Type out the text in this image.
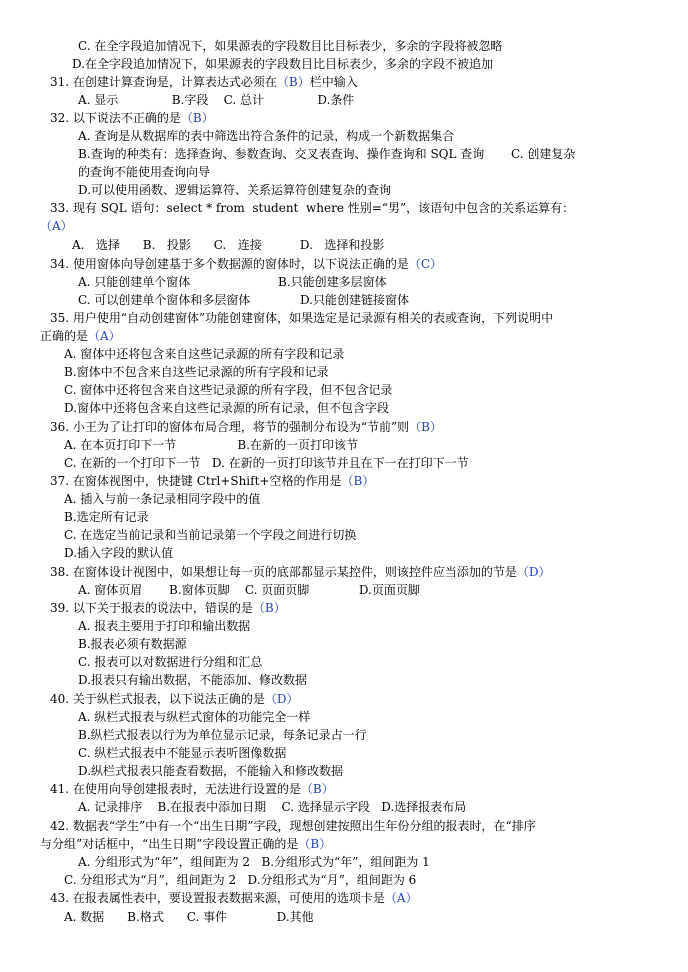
C. 在全字段追加情况下，如果源表的字段数目比目标表少，多余的字段将被忽略
D.在全字段追加情况下，如果源表的字段数目比目标表少，多余的字段不被追加
31. 在创建计算查询是，计算表达式必须在（B）栏中输入
A. 显示              B.字段    C. 总计              D.条件
32. 以下说法不正确的是（B）
A. 查询是从数据库的表中筛选出符合条件的记录，构成一个新数据集合
B.查询的种类有：选择查询、参数查询、交叉表查询、操作查询和 SQL 查询       C. 创建复杂
的查询不能使用查询向导
D.可以使用函数、逻辑运算符、关系运算符创建复杂的查询
33. 现有 SQL 语句：select * from  student  where 性别=“男”，该语句中包含的关系运算有：
（A）
A.   选择      B.   投影      C.   连接          D.   选择和投影
34. 使用窗体向导创建基于多个数据源的窗体时，以下说法正确的是（C）
A. 只能创建单个窗体                       B.只能创建多层窗体
C. 可以创建单个窗体和多层窗体             D.只能创建链接窗体
35. 用户使用“自动创建窗体”功能创建窗体，如果选定是记录源有相关的表或查询，下列说明中
正确的是（A）
A. 窗体中还将包含来自这些记录源的所有字段和记录
B.窗体中不包含来自这些记录源的所有字段和记录
C. 窗体中还将包含来自这些记录源的所有字段，但不包含记录
D.窗体中还将包含来自这些记录源的所有记录，但不包含字段
36. 小王为了让打印的窗体布局合理，将节的强制分布设为“节前”则（B）
A. 在本页打印下一节                B.在新的一页打印该节
C. 在新的一个打印下一节   D. 在新的一页打印该节并且在下一在打印下一节
37. 在窗体视图中，快捷键 Ctrl+Shift+空格的作用是（B）
A. 插入与前一条记录相同字段中的值
B.选定所有记录
C. 在选定当前记录和当前记录第一个字段之间进行切换
D.插入字段的默认值
38. 在窗体设计视图中，如果想让每一页的底部都显示某控件，则该控件应当添加的节是（D）
A. 窗体页眉       B.窗体页脚    C. 页面页脚             D.页面页脚
39. 以下关于报表的说法中，错误的是（B）
A. 报表主要用于打印和输出数据
B.报表必须有数据源
C. 报表可以对数据进行分组和汇总
D.报表只有输出数据，不能添加、修改数据
40. 关于纵栏式报表，以下说法正确的是（D）
A. 纵栏式报表与纵栏式窗体的功能完全一样
B.纵栏式报表以行为为单位显示记录，每条记录占一行
C. 纵栏式报表中不能显示表听图像数据
D.纵栏式报表只能查看数据，不能输入和修改数据
41. 在使用向导创建报表时，无法进行设置的是（B）
A. 记录排序    B.在报表中添加日期    C. 选择显示字段   D.选择报表布局
42. 数据表“学生”中有一个“出生日期”字段，现想创建按照出生年份分组的报表时，在“排序
与分组”对话框中，“出生日期”字段设置正确的是（B）
A. 分组形式为“年”，组间距为 2   B.分组形式为“年”，组间距为 1
C. 分组形式为“月”，组间距为 2   D.分组形式为“月”，组间距为 6
43. 在报表属性表中，要设置报表数据来源，可使用的选项卡是（A）
A. 数据      B.格式      C. 事件             D.其他
